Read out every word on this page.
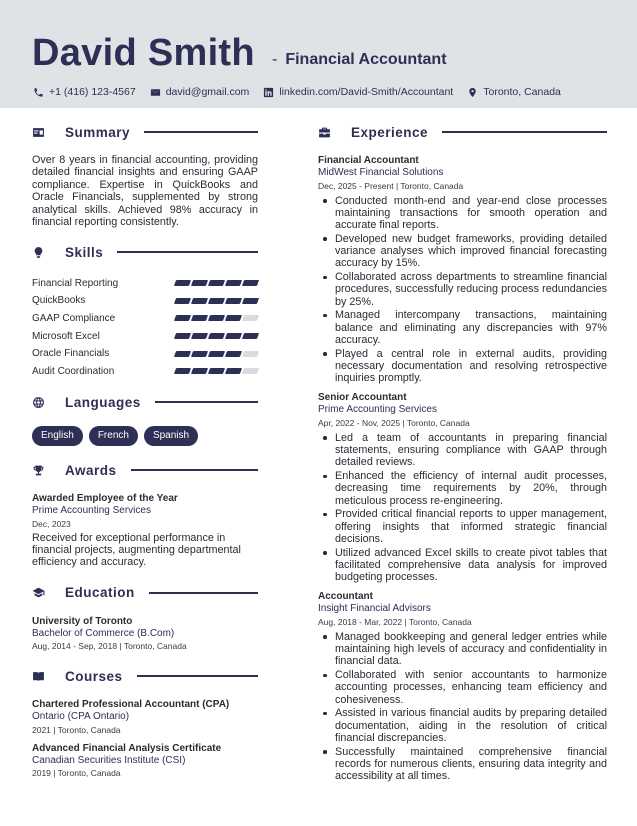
David Smith - Financial Accountant
+1 (416) 123-4567	david@gmail.com	linkedin.com/David-Smith/Accountant	Toronto, Canada
Summary

Over 8 years in financial accounting, providing detailed financial insights and ensuring GAAP compliance. Expertise in QuickBooks and Oracle Financials, supplemented by strong analytical skills. Achieved 98% accuracy in financial reporting consistently.

Skills
Financial Reporting
QuickBooks
GAAP Compliance
Microsoft Excel
Oracle Financials
Audit Coordination
Languages
English	French	Spanish
Awards
Awarded Employee of the Year
Prime Accounting Services
Dec, 2023
Received for exceptional performance in financial projects, augmenting departmental efficiency and accuracy.
Education
University of Toronto
Bachelor of Commerce (B.Com)
Aug, 2014 - Sep, 2018 | Toronto, Canada
Courses
Chartered Professional Accountant (CPA)
Ontario (CPA Ontario)
2021 | Toronto, Canada
Advanced Financial Analysis Certificate
Canadian Securities Institute (CSI)
2019 | Toronto, Canada
Experience
Financial Accountant
MidWest Financial Solutions
Dec, 2025 - Present | Toronto, Canada
Conducted month-end and year-end close processes maintaining transactions for smooth operation and accurate final reports.
Developed new budget frameworks, providing detailed variance analyses which improved financial forecasting accuracy by 15%.
Collaborated across departments to streamline financial procedures, successfully reducing process redundancies by 25%.
Managed intercompany transactions, maintaining balance and eliminating any discrepancies with 97% accuracy.
Played a central role in external audits, providing necessary documentation and resolving retrospective inquiries promptly.
Senior Accountant
Prime Accounting Services
Apr, 2022 - Nov, 2025 | Toronto, Canada
Led a team of accountants in preparing financial statements, ensuring compliance with GAAP through detailed reviews.
Enhanced the efficiency of internal audit processes, decreasing time requirements by 20%, through meticulous process re-engineering.
Provided critical financial reports to upper management, offering insights that informed strategic financial decisions.
Utilized advanced Excel skills to create pivot tables that facilitated comprehensive data analysis for improved budgeting processes.
Accountant
Insight Financial Advisors
Aug, 2018 - Mar, 2022 | Toronto, Canada
Managed bookkeeping and general ledger entries while maintaining high levels of accuracy and confidentiality in financial data.
Collaborated with senior accountants to harmonize accounting processes, enhancing team efficiency and cohesiveness.
Assisted in various financial audits by preparing detailed documentation, aiding in the resolution of critical financial discrepancies.
Successfully maintained comprehensive financial records for numerous clients, ensuring data integrity and accessibility at all times.
